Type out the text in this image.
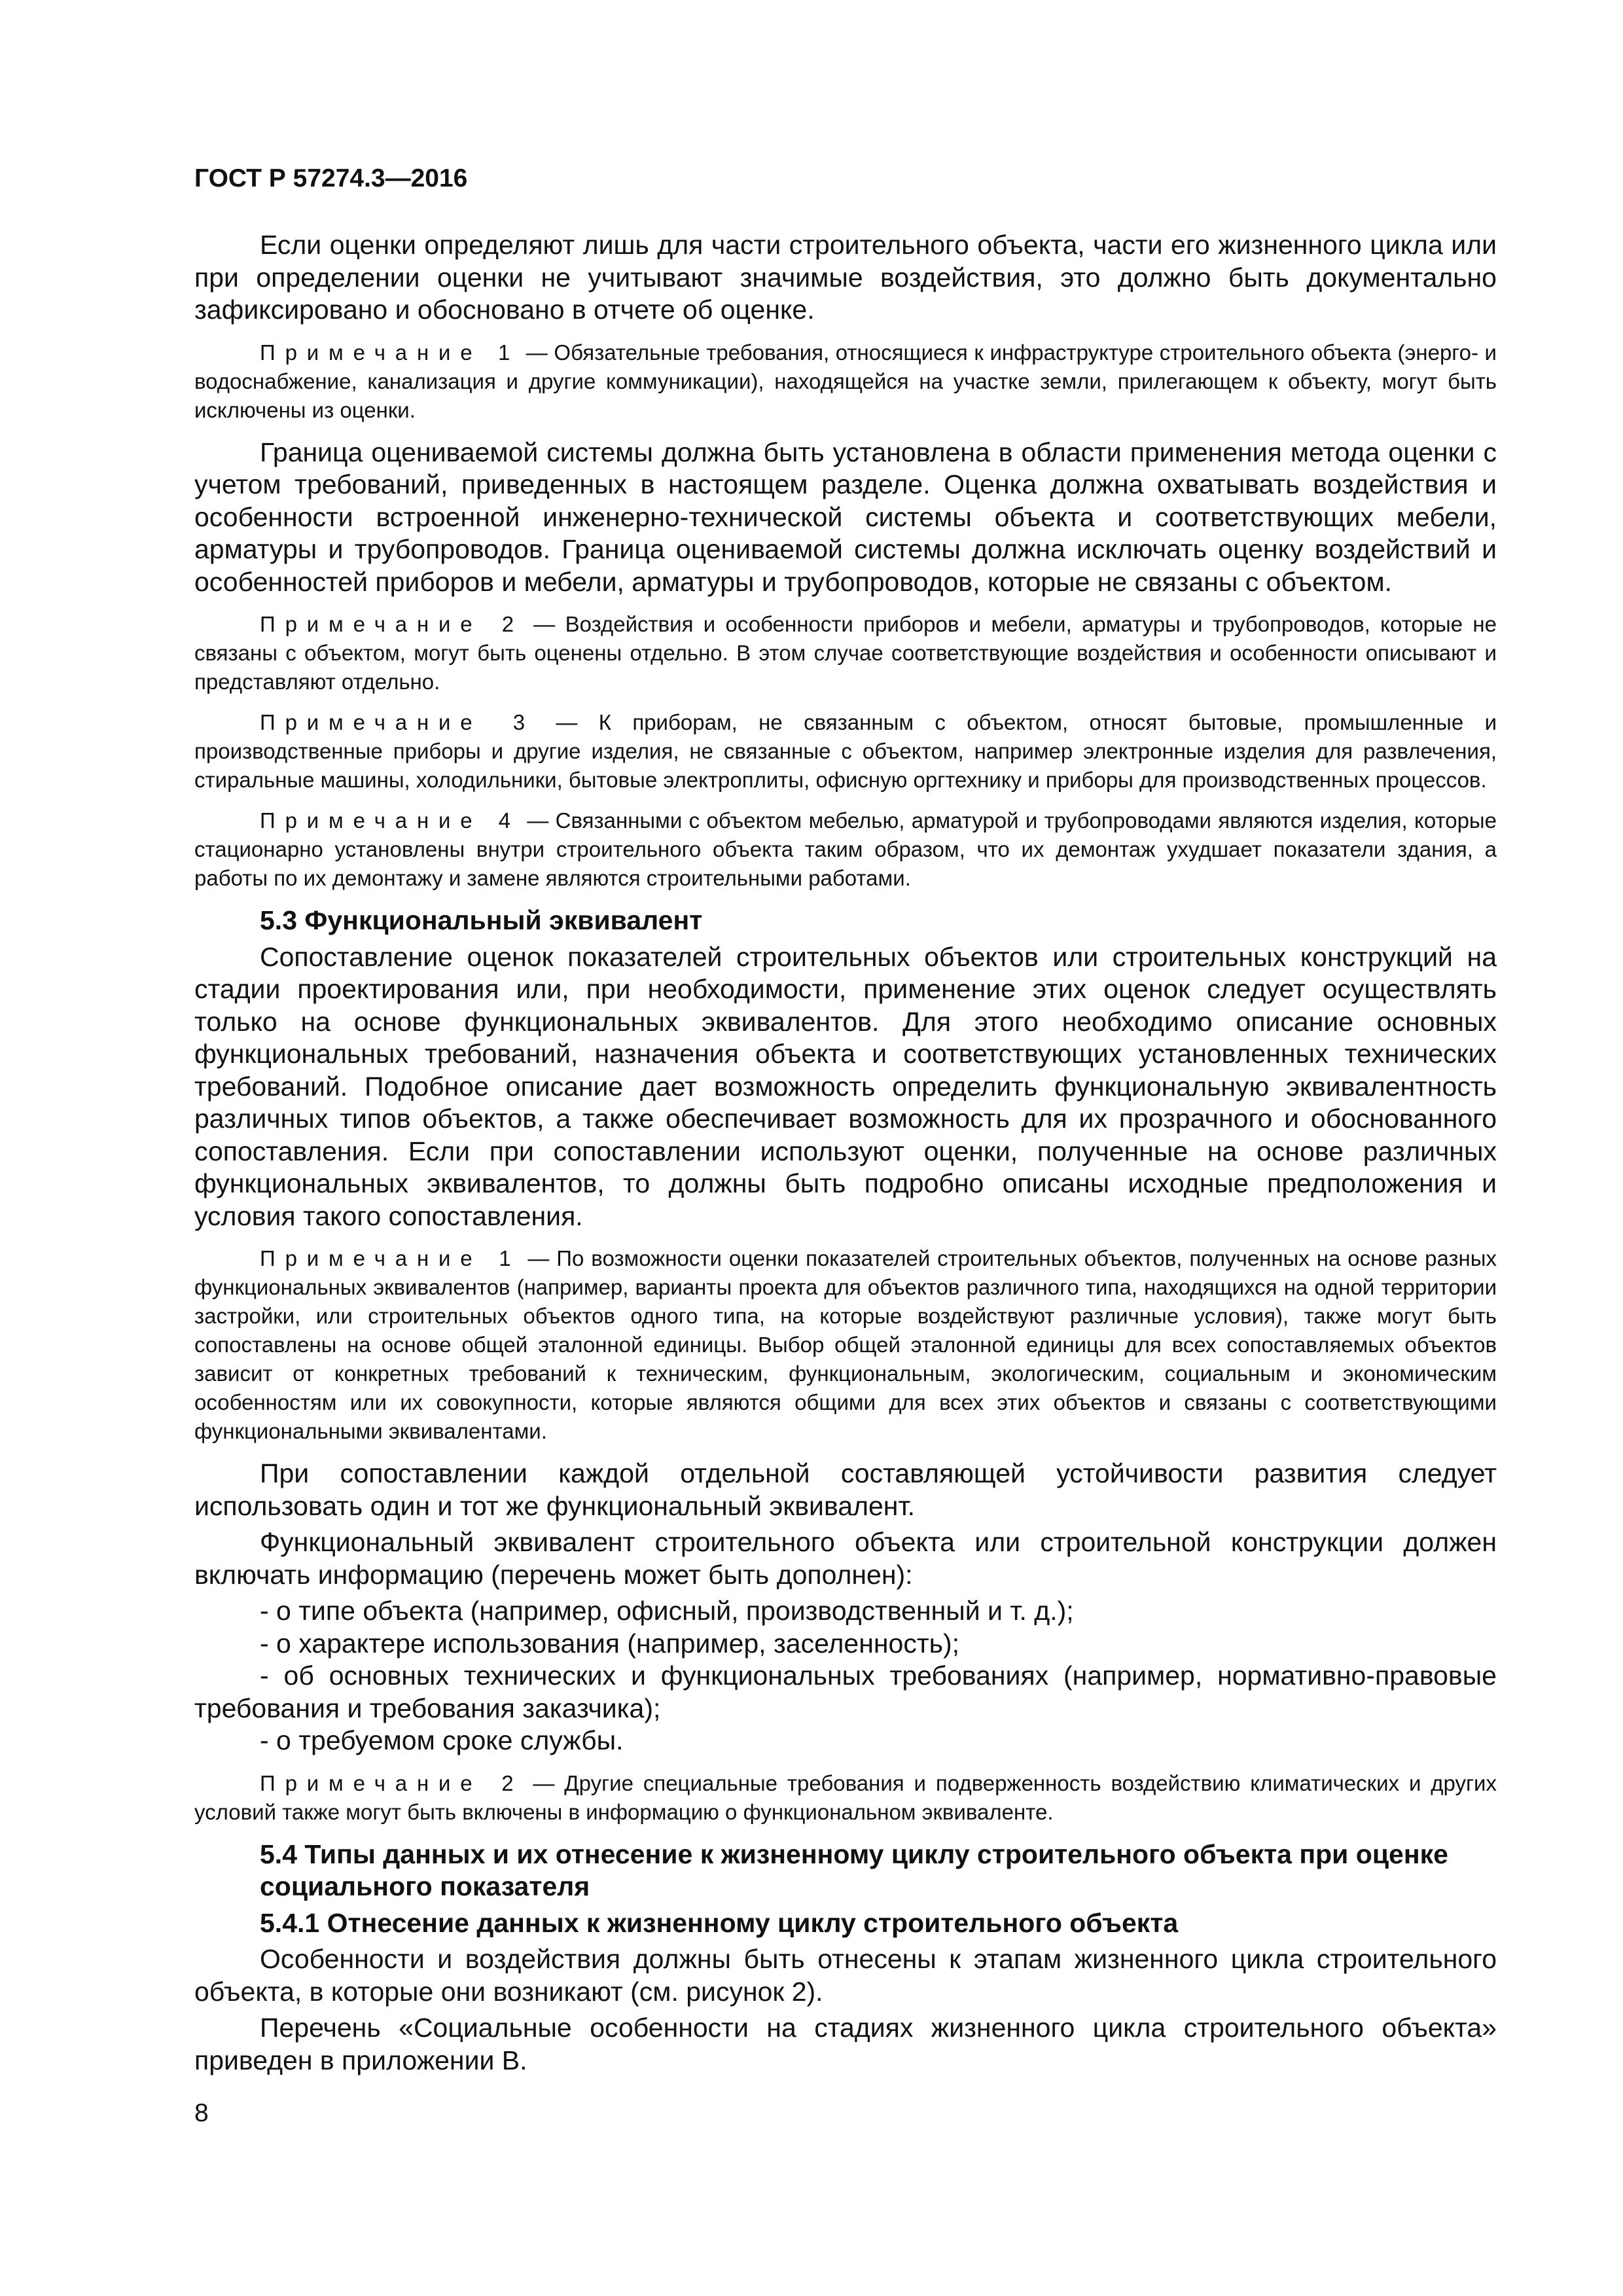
ГОСТ Р 57274.3—2016

Если оценки определяют лишь для части строительного объекта, части его жизненного цикла или при определении оценки не учитывают значимые воздействия, это должно быть документально зафиксировано и обосновано в отчете об оценке.

Примечание 1 — Обязательные требования, относящиеся к инфраструктуре строительного объекта (энерго- и водоснабжение, канализация и другие коммуникации), находящейся на участке земли, прилегающем к объекту, могут быть исключены из оценки.

Граница оцениваемой системы должна быть установлена в области применения метода оценки с учетом требований, приведенных в настоящем разделе. Оценка должна охватывать воздействия и особенности встроенной инженерно-технической системы объекта и соответствующих мебели, арматуры и трубопроводов. Граница оцениваемой системы должна исключать оценку воздействий и особенностей приборов и мебели, арматуры и трубопроводов, которые не связаны с объектом.

Примечание 2 — Воздействия и особенности приборов и мебели, арматуры и трубопроводов, которые не связаны с объектом, могут быть оценены отдельно. В этом случае соответствующие воздействия и особенности описывают и представляют отдельно.

Примечание 3 — К приборам, не связанным с объектом, относят бытовые, промышленные и производственные приборы и другие изделия, не связанные с объектом, например электронные изделия для развлечения, стиральные машины, холодильники, бытовые электроплиты, офисную оргтехнику и приборы для производственных процессов.

Примечание 4 — Связанными с объектом мебелью, арматурой и трубопроводами являются изделия, которые стационарно установлены внутри строительного объекта таким образом, что их демонтаж ухудшает показатели здания, а работы по их демонтажу и замене являются строительными работами.

5.3 Функциональный эквивалент

Сопоставление оценок показателей строительных объектов или строительных конструкций на стадии проектирования или, при необходимости, применение этих оценок следует осуществлять только на основе функциональных эквивалентов. Для этого необходимо описание основных функциональных требований, назначения объекта и соответствующих установленных технических требований. Подобное описание дает возможность определить функциональную эквивалентность различных типов объектов, а также обеспечивает возможность для их прозрачного и обоснованного сопоставления. Если при сопоставлении используют оценки, полученные на основе различных функциональных эквивалентов, то должны быть подробно описаны исходные предположения и условия такого сопоставления.

Примечание 1 — По возможности оценки показателей строительных объектов, полученных на основе разных функциональных эквивалентов (например, варианты проекта для объектов различного типа, находящихся на одной территории застройки, или строительных объектов одного типа, на которые воздействуют различные условия), также могут быть сопоставлены на основе общей эталонной единицы. Выбор общей эталонной единицы для всех сопоставляемых объектов зависит от конкретных требований к техническим, функциональным, экологическим, социальным и экономическим особенностям или их совокупности, которые являются общими для всех этих объектов и связаны с соответствующими функциональными эквивалентами.

При сопоставлении каждой отдельной составляющей устойчивости развития следует использовать один и тот же функциональный эквивалент.

Функциональный эквивалент строительного объекта или строительной конструкции должен включать информацию (перечень может быть дополнен):

- о типе объекта (например, офисный, производственный и т. д.);

- о характере использования (например, заселенность);

- об основных технических и функциональных требованиях (например, нормативно-правовые требования и требования заказчика);

- о требуемом сроке службы.

Примечание 2 — Другие специальные требования и подверженность воздействию климатических и других условий также могут быть включены в информацию о функциональном эквиваленте.

5.4 Типы данных и их отнесение к жизненному циклу строительного объекта при оценке социального показателя

5.4.1 Отнесение данных к жизненному циклу строительного объекта

Особенности и воздействия должны быть отнесены к этапам жизненного цикла строительного объекта, в которые они возникают (см. рисунок 2).

Перечень «Социальные особенности на стадиях жизненного цикла строительного объекта» приведен в приложении В.

8
